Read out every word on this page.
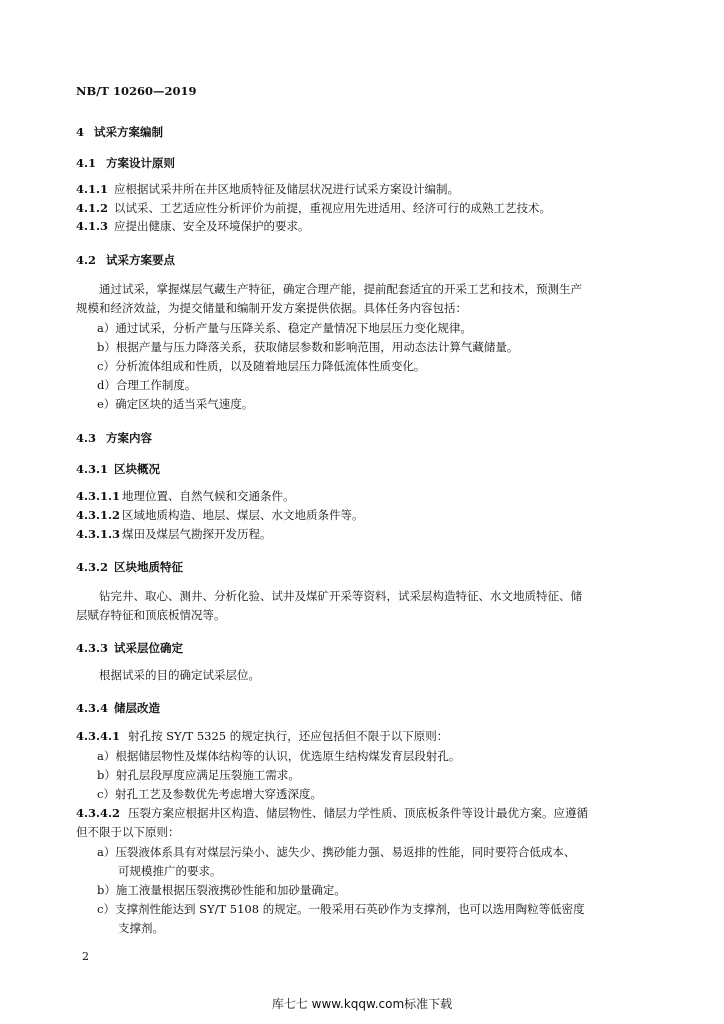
NB/T 10260—2019
4 试采方案编制
4.1 方案设计原则
4.1.1 应根据试采井所在井区地质特征及储层状况进行试采方案设计编制。
4.1.2 以试采、工艺适应性分析评价为前提，重视应用先进适用、经济可行的成熟工艺技术。
4.1.3 应提出健康、安全及环境保护的要求。
4.2 试采方案要点
通过试采，掌握煤层气藏生产特征，确定合理产能，提前配套适宜的开采工艺和技术，预测生产
规模和经济效益，为提交储量和编制开发方案提供依据。具体任务内容包括：
a）通过试采，分析产量与压降关系、稳定产量情况下地层压力变化规律。
b）根据产量与压力降落关系，获取储层参数和影响范围，用动态法计算气藏储量。
c）分析流体组成和性质，以及随着地层压力降低流体性质变化。
d）合理工作制度。
e）确定区块的适当采气速度。
4.3 方案内容
4.3.1 区块概况
4.3.1.1 地理位置、自然气候和交通条件。
4.3.1.2 区域地质构造、地层、煤层、水文地质条件等。
4.3.1.3 煤田及煤层气勘探开发历程。
4.3.2 区块地质特征
钻完井、取心、测井、分析化验、试井及煤矿开采等资料，试采层构造特征、水文地质特征、储
层赋存特征和顶底板情况等。
4.3.3 试采层位确定
根据试采的目的确定试采层位。
4.3.4 储层改造
4.3.4.1 射孔按 SY/T 5325 的规定执行，还应包括但不限于以下原则：
a）根据储层物性及煤体结构等的认识，优选原生结构煤发育层段射孔。
b）射孔层段厚度应满足压裂施工需求。
c）射孔工艺及参数优先考虑增大穿透深度。
4.3.4.2 压裂方案应根据井区构造、储层物性、储层力学性质、顶底板条件等设计最优方案。应遵循
但不限于以下原则：
a）压裂液体系具有对煤层污染小、滤失少、携砂能力强、易返排的性能，同时要符合低成本、
可规模推广的要求。
b）施工液量根据压裂液携砂性能和加砂量确定。
c）支撑剂性能达到 SY/T 5108 的规定。一般采用石英砂作为支撑剂，也可以选用陶粒等低密度
支撑剂。
2
库七七 www.kqqw.com标准下载
